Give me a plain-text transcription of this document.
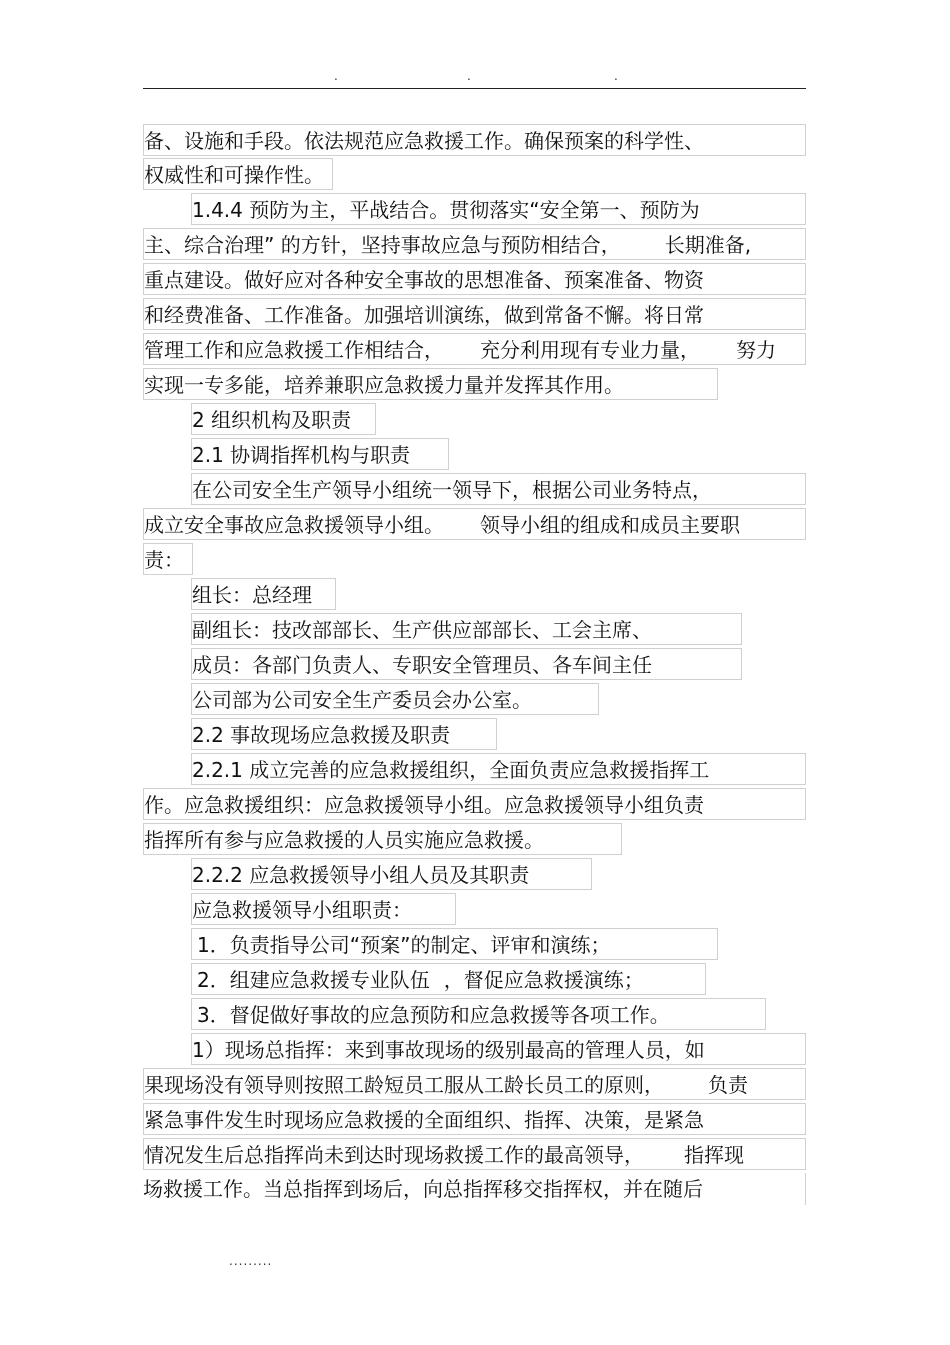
.	.	.
备、设施和手段。依法规范应急救援工作。确保预案的科学性、
权威性和可操作性。
1.4.4 预防为主，平战结合。贯彻落实“安全第一、预防为
主、综合治理” 的方针，坚持事故应急与预防相结合， 长期准备,
重点建设。做好应对各种安全事故的思想准备、预案准备、物资
和经费准备、工作准备。加强培训演练，做到常备不懈。将日常
管理工作和应急救援工作相结合， 充分利用现有专业力量， 努力
实现一专多能，培养兼职应急救援力量并发挥其作用。
2 组织机构及职责
2.1 协调指挥机构与职责
在公司安全生产领导小组统一领导下，根据公司业务特点，
成立安全事故应急救援领导小组。 领导小组的组成和成员主要职
责：
组长：总经理
副组长：技改部部长、生产供应部部长、工会主席、
成员：各部门负责人、专职安全管理员、各车间主任
公司部为公司安全生产委员会办公室。
2.2 事故现场应急救援及职责
2.2.1 成立完善的应急救援组织，全面负责应急救援指挥工
作。应急救援组织：应急救援领导小组。应急救援领导小组负责
指挥所有参与应急救援的人员实施应急救援。
2.2.2 应急救援领导小组人员及其职责
应急救援领导小组职责：
1．负责指导公司“预案”的制定、评审和演练；
2．组建应急救援专业队伍 ，督促应急救援演练；
3．督促做好事故的应急预防和应急救援等各项工作。
1）现场总指挥：来到事故现场的级别最高的管理人员，如
果现场没有领导则按照工龄短员工服从工龄长员工的原则， 负责
紧急事件发生时现场应急救援的全面组织、指挥、决策，是紧急
情况发生后总指挥尚未到达时现场救援工作的最高领导， 指挥现
场救援工作。当总指挥到场后，向总指挥移交指挥权，并在随后
.........
